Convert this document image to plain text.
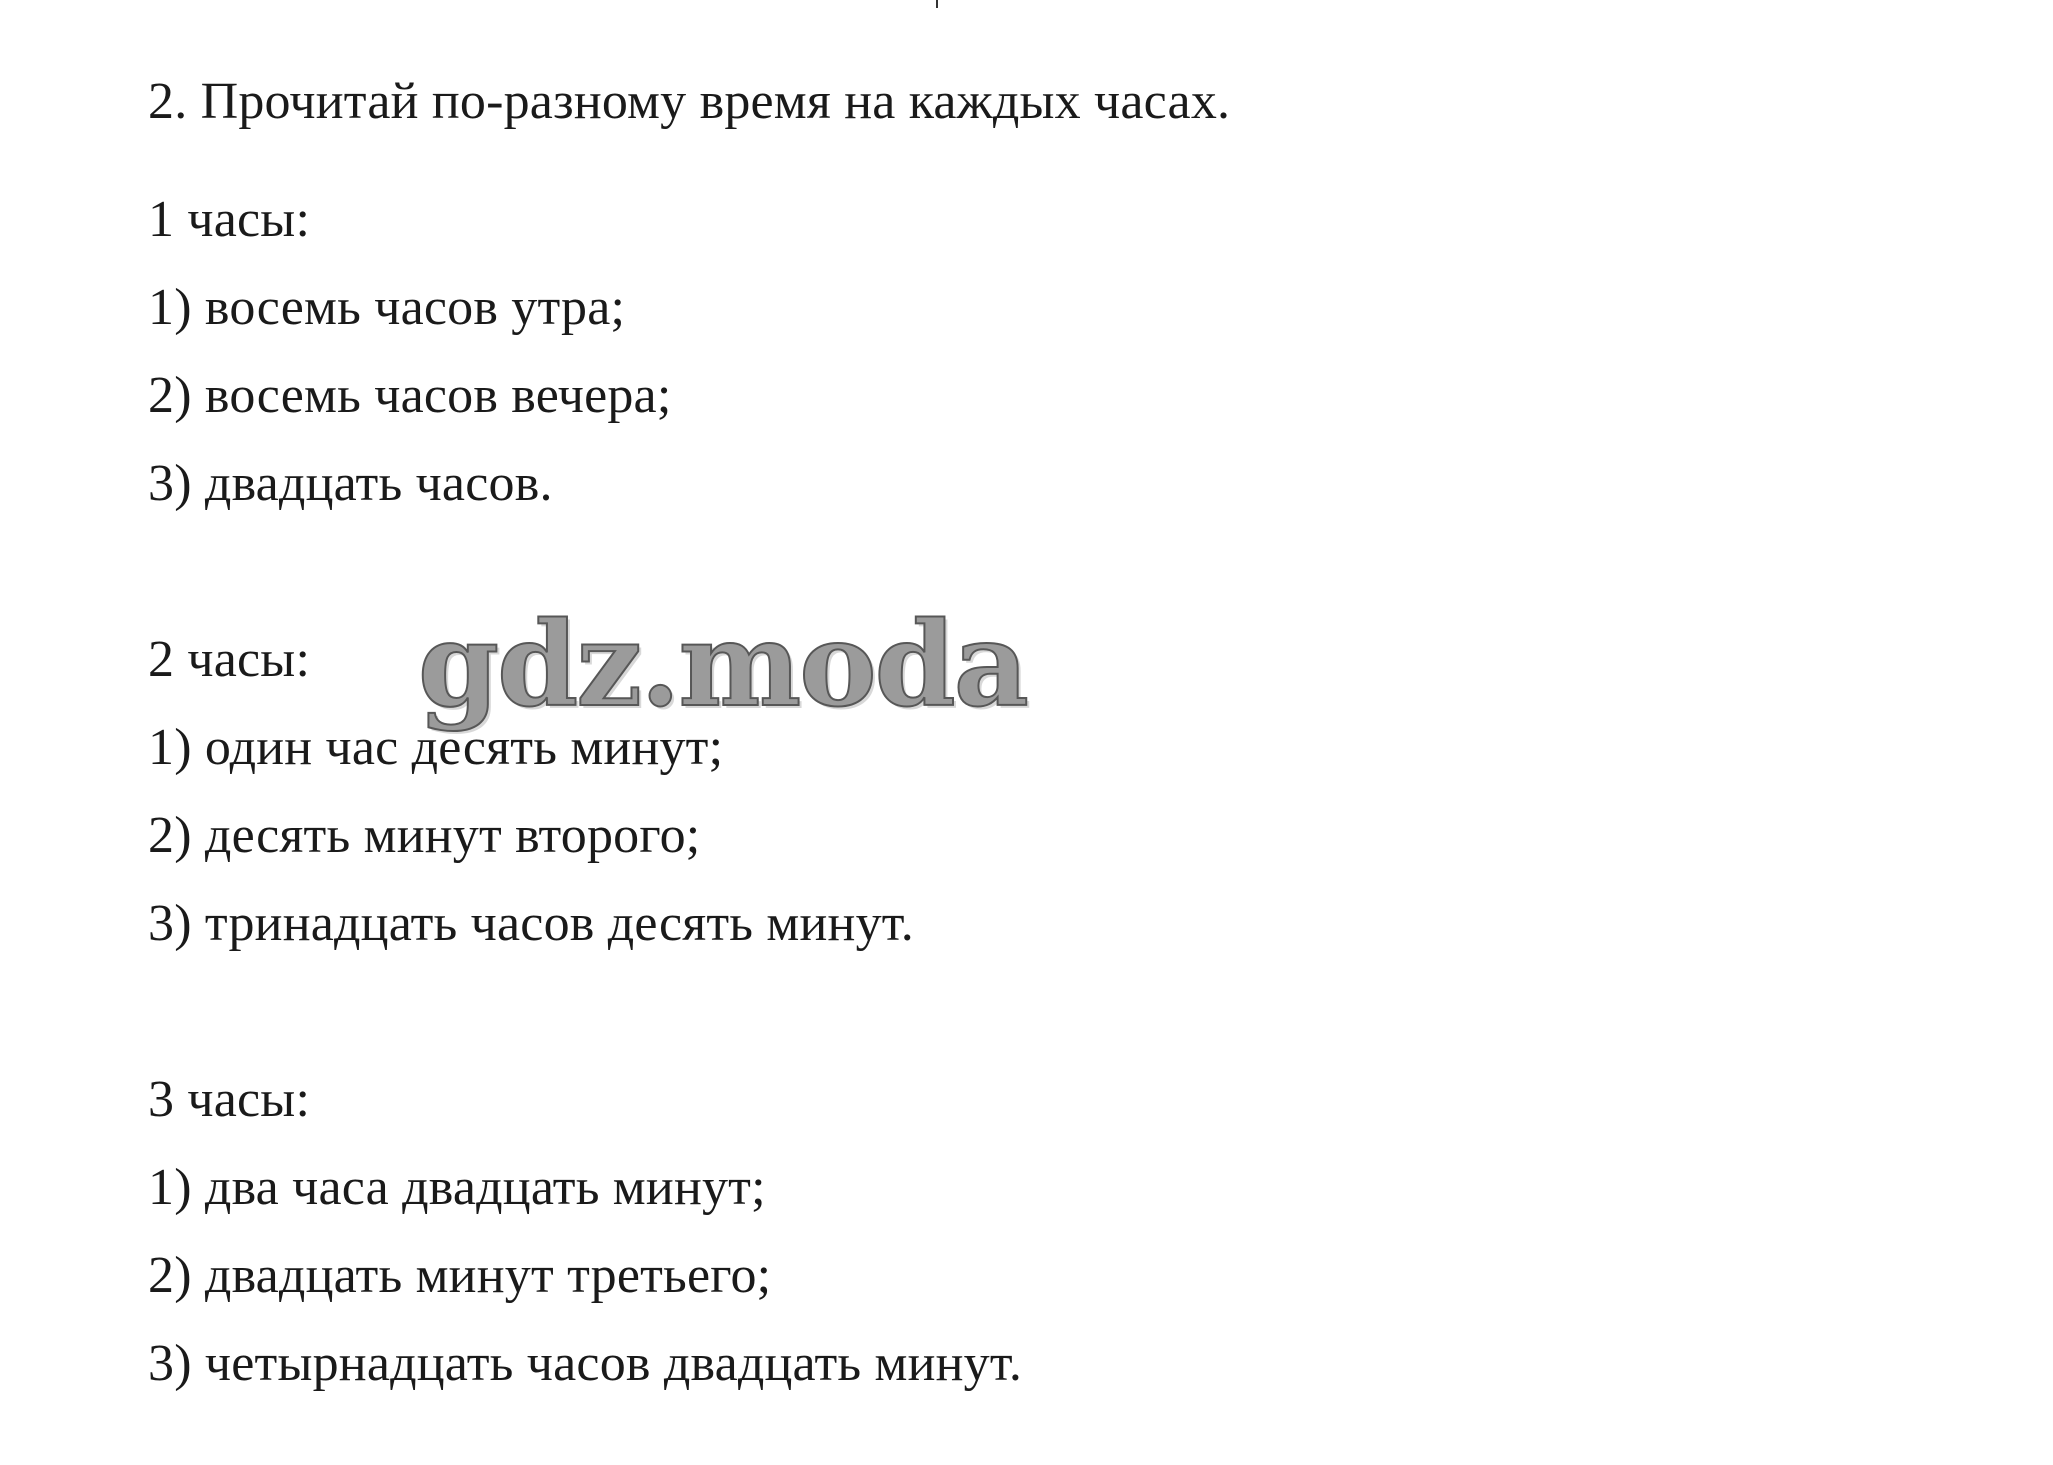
2. Прочитай по-разному время на каждых часах.
1 часы:
1) восемь часов утра;
2) восемь часов вечера;
3) двадцать часов.
2 часы:
1) один час десять минут;
2) десять минут второго;
3) тринадцать часов десять минут.
3 часы:
1) два часа двадцать минут;
2) двадцать минут третьего;
3) четырнадцать часов двадцать минут.
gdz.moda
